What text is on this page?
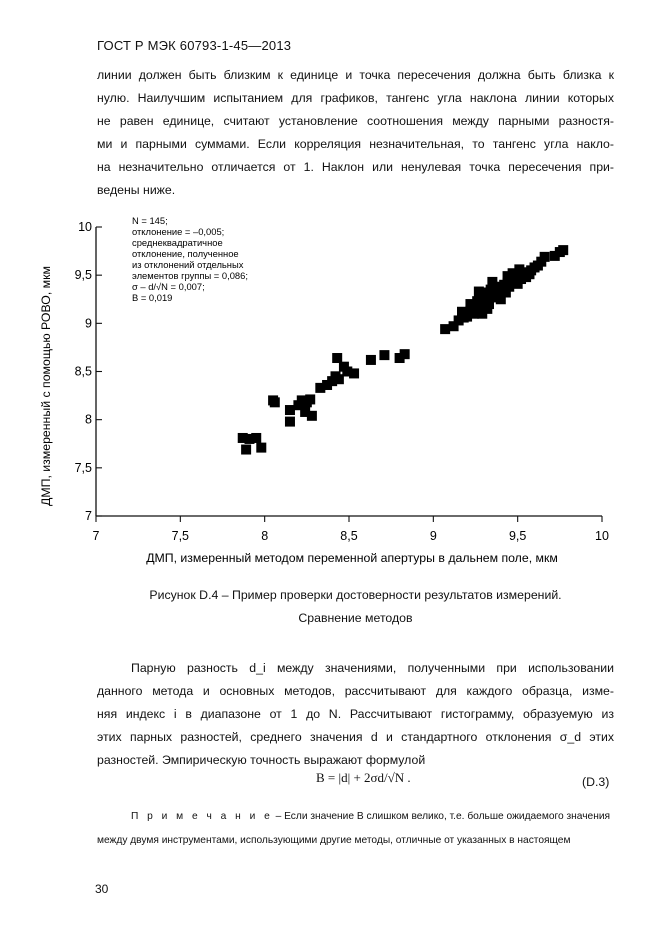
ГОСТ Р МЭК 60793-1-45—2013
линии должен быть близким к единице и точка пересечения должна быть близка к
нулю. Наилучшим испытанием для графиков, тангенс угла наклона линии которых
не равен единице, считают установление соотношения между парными разностя-
ми и парными суммами. Если корреляция незначительная, то тангенс угла накло-
на незначительно отличается от 1. Наклон или ненулевая точка пересечения при-
ведены ниже.
7	7,5	8	8,5	9	9,5	10
7
7,5
8
8,5
9
9,5
10
ДМП, измеренный методом переменной апертуры в дальнем поле, мкм
ДМП, измеренный с помощью РОВО, мкм
N = 145;
отклонение = –0,005;
среднеквадратичное
отклонение, полученное
из отклонений отдельных
элементов группы = 0,086;
σ – d/√N = 0,007;
B = 0,019
Рисунок D.4 – Пример проверки достоверности результатов измерений.
Сравнение методов
Парную разность d_i между значениями, полученными при использовании
данного метода и основных методов, рассчитывают для каждого образца, изме-
няя индекс i в диапазоне от 1 до N. Рассчитывают гистограмму, образуемую из
этих парных разностей, среднего значения d и стандартного отклонения σ_d этих
разностей. Эмпирическую точность выражают формулой
B = |d| + 2σd/√N .	(D.3)
П р и м е ч а н и е – Если значение B слишком велико, т.е. больше ожидаемого значения
между двумя инструментами, использующими другие методы, отличные от указанных в настоящем
30
